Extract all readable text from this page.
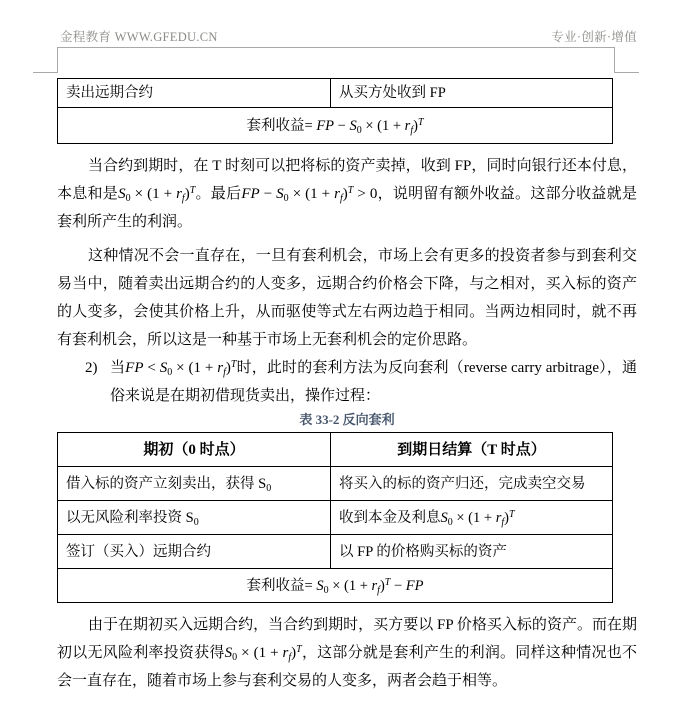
金程教育 WWW.GFEDU.CN	专业·创新·增值
卖出远期合约	从买方处收到 FP
套利收益= FP − $S_0 \times (1 + r_f)^T$

当合约到期时，在 T 时刻可以把将标的资产卖掉，收到 FP，同时向银行还本付息，本息和是$S_0 \times (1 + r_f)^T$。最后FP − $S_0 \times (1 + r_f)^T > 0$，说明留有额外收益。这部分收益就是套利所产生的利润。

这种情况不会一直存在，一旦有套利机会，市场上会有更多的投资者参与到套利交易当中，随着卖出远期合约的人变多，远期合约价格会下降，与之相对，买入标的资产的人变多，会使其价格上升，从而驱使等式左右两边趋于相同。当两边相同时，就不再有套利机会，所以这是一种基于市场上无套利机会的定价思路。

2) 当FP < $S_0 \times (1 + r_f)^T$时，此时的套利方法为反向套利（reverse carry arbitrage），通俗来说是在期初借现货卖出，操作过程：
表 33-2 反向套利
期初（0 时点）	到期日结算（T 时点）
借入标的资产立刻卖出，获得 $S_0$	将买入的标的资产归还，完成卖空交易
以无风险利率投资 $S_0$	收到本金及利息$S_0 \times (1 + r_f)^T$
签订（买入）远期合约	以 FP 的价格购买标的资产
套利收益= $S_0 \times (1 + r_f)^T$ − FP	

由于在期初买入远期合约，当合约到期时，买方要以 FP 价格买入标的资产。而在期初以无风险利率投资获得$S_0 \times (1 + r_f)^T$，这部分就是套利产生的利润。同样这种情况也不会一直存在，随着市场上参与套利交易的人变多，两者会趋于相等。
